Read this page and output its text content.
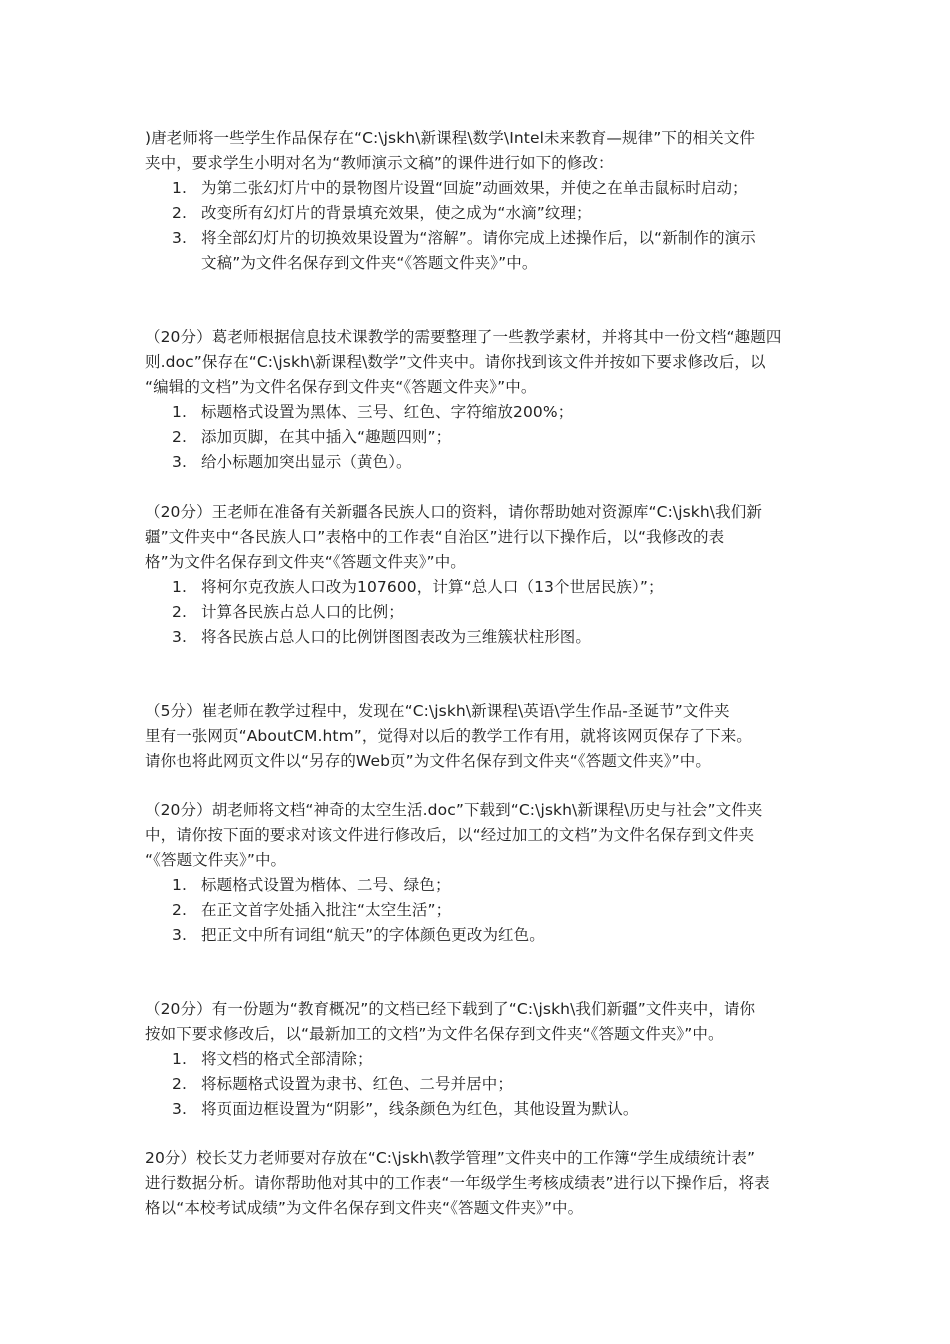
)唐老师将一些学生作品保存在“C:\jskh\新课程\数学\Intel未来教育—规律”下的相关文件
夹中，要求学生小明对名为“教师演示文稿”的课件进行如下的修改：
1. 为第二张幻灯片中的景物图片设置“回旋”动画效果，并使之在单击鼠标时启动；
2. 改变所有幻灯片的背景填充效果，使之成为“水滴”纹理；
3. 将全部幻灯片的切换效果设置为“溶解”。请你完成上述操作后，以“新制作的演示
文稿”为文件名保存到文件夹“《答题文件夹》”中。
（20分）葛老师根据信息技术课教学的需要整理了一些教学素材，并将其中一份文档“趣题四
则.doc”保存在“C:\jskh\新课程\数学”文件夹中。请你找到该文件并按如下要求修改后，以
“编辑的文档”为文件名保存到文件夹“《答题文件夹》”中。
1. 标题格式设置为黑体、三号、红色、字符缩放200%；
2. 添加页脚，在其中插入“趣题四则”；
3. 给小标题加突出显示（黄色）。
（20分）王老师在准备有关新疆各民族人口的资料，请你帮助她对资源库“C:\jskh\我们新
疆”文件夹中“各民族人口”表格中的工作表“自治区”进行以下操作后，以“我修改的表
格”为文件名保存到文件夹“《答题文件夹》”中。
1. 将柯尔克孜族人口改为107600，计算“总人口（13个世居民族）”；
2. 计算各民族占总人口的比例；
3. 将各民族占总人口的比例饼图图表改为三维簇状柱形图。
（5分）崔老师在教学过程中，发现在“C:\jskh\新课程\英语\学生作品-圣诞节”文件夹
里有一张网页“AboutCM.htm”，觉得对以后的教学工作有用，就将该网页保存了下来。
请你也将此网页文件以“另存的Web页”为文件名保存到文件夹“《答题文件夹》”中。
（20分）胡老师将文档“神奇的太空生活.doc”下载到“C:\jskh\新课程\历史与社会”文件夹
中，请你按下面的要求对该文件进行修改后，以“经过加工的文档”为文件名保存到文件夹
“《答题文件夹》”中。
1. 标题格式设置为楷体、二号、绿色；
2. 在正文首字处插入批注“太空生活”；
3. 把正文中所有词组“航天”的字体颜色更改为红色。
（20分）有一份题为“教育概况”的文档已经下载到了“C:\jskh\我们新疆”文件夹中，请你
按如下要求修改后，以“最新加工的文档”为文件名保存到文件夹“《答题文件夹》”中。
1. 将文档的格式全部清除；
2. 将标题格式设置为隶书、红色、二号并居中；
3. 将页面边框设置为“阴影”，线条颜色为红色，其他设置为默认。
20分）校长艾力老师要对存放在“C:\jskh\教学管理”文件夹中的工作簿“学生成绩统计表”
进行数据分析。请你帮助他对其中的工作表“一年级学生考核成绩表”进行以下操作后，将表
格以“本校考试成绩”为文件名保存到文件夹“《答题文件夹》”中。
